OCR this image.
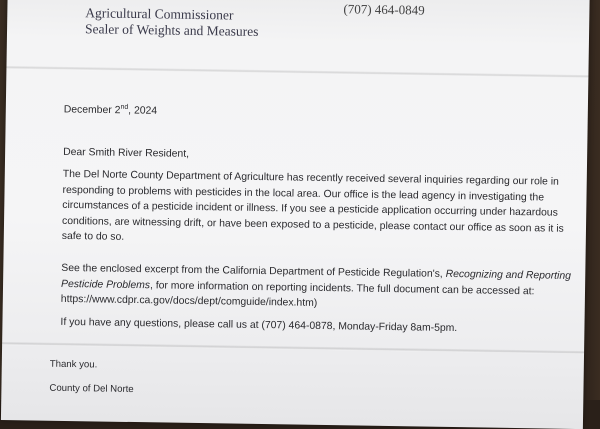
(707) 464-0849
Agricultural Commissioner
Sealer of Weights and Measures
December 2nd, 2024
Dear Smith River Resident,
The Del Norte County Department of Agriculture has recently received several inquiries regarding our role in
responding to problems with pesticides in the local area. Our office is the lead agency in investigating the
circumstances of a pesticide incident or illness. If you see a pesticide application occurring under hazardous
conditions, are witnessing drift, or have been exposed to a pesticide, please contact our office as soon as it is
safe to do so.
See the enclosed excerpt from the California Department of Pesticide Regulation's, Recognizing and Reporting
Pesticide Problems, for more information on reporting incidents. The full document can be accessed at:
https://www.cdpr.ca.gov/docs/dept/comguide/index.htm)
If you have any questions, please call us at (707) 464-0878, Monday-Friday 8am-5pm.
Thank you.
County of Del Norte
